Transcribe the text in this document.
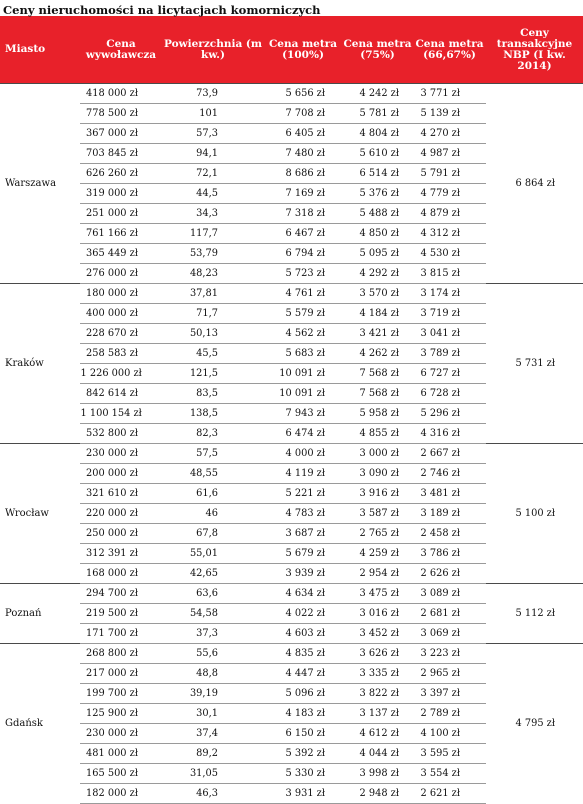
Ceny nieruchomości na licytacjach komorniczych
Miasto	Cena wywoławcza	Powierzchnia (m kw.)	Cena metra (100%)	Cena metra (75%)	Cena metra (66,67%)	Ceny transakcyjne NBP (I kw. 2014)
Warszawa	418 000 zł	73,9	5 656 zł	4 242 zł	3 771 zł	6 864 zł
	778 500 zł	101	7 708 zł	5 781 zł	5 139 zł	
	367 000 zł	57,3	6 405 zł	4 804 zł	4 270 zł	
	703 845 zł	94,1	7 480 zł	5 610 zł	4 987 zł	
	626 260 zł	72,1	8 686 zł	6 514 zł	5 791 zł	
	319 000 zł	44,5	7 169 zł	5 376 zł	4 779 zł	
	251 000 zł	34,3	7 318 zł	5 488 zł	4 879 zł	
	761 166 zł	117,7	6 467 zł	4 850 zł	4 312 zł	
	365 449 zł	53,79	6 794 zł	5 095 zł	4 530 zł	
	276 000 zł	48,23	5 723 zł	4 292 zł	3 815 zł	
Kraków	180 000 zł	37,81	4 761 zł	3 570 zł	3 174 zł	5 731 zł
	400 000 zł	71,7	5 579 zł	4 184 zł	3 719 zł	
	228 670 zł	50,13	4 562 zł	3 421 zł	3 041 zł	
	258 583 zł	45,5	5 683 zł	4 262 zł	3 789 zł	
	1 226 000 zł	121,5	10 091 zł	7 568 zł	6 727 zł	
	842 614 zł	83,5	10 091 zł	7 568 zł	6 728 zł	
	1 100 154 zł	138,5	7 943 zł	5 958 zł	5 296 zł	
	532 800 zł	82,3	6 474 zł	4 855 zł	4 316 zł	
Wrocław	230 000 zł	57,5	4 000 zł	3 000 zł	2 667 zł	5 100 zł
	200 000 zł	48,55	4 119 zł	3 090 zł	2 746 zł	
	321 610 zł	61,6	5 221 zł	3 916 zł	3 481 zł	
	220 000 zł	46	4 783 zł	3 587 zł	3 189 zł	
	250 000 zł	67,8	3 687 zł	2 765 zł	2 458 zł	
	312 391 zł	55,01	5 679 zł	4 259 zł	3 786 zł	
	168 000 zł	42,65	3 939 zł	2 954 zł	2 626 zł	
Poznań	294 700 zł	63,6	4 634 zł	3 475 zł	3 089 zł	5 112 zł
	219 500 zł	54,58	4 022 zł	3 016 zł	2 681 zł	
	171 700 zł	37,3	4 603 zł	3 452 zł	3 069 zł	
Gdańsk	268 800 zł	55,6	4 835 zł	3 626 zł	3 223 zł	4 795 zł
	217 000 zł	48,8	4 447 zł	3 335 zł	2 965 zł	
	199 700 zł	39,19	5 096 zł	3 822 zł	3 397 zł	
	125 900 zł	30,1	4 183 zł	3 137 zł	2 789 zł	
	230 000 zł	37,4	6 150 zł	4 612 zł	4 100 zł	
	481 000 zł	89,2	5 392 zł	4 044 zł	3 595 zł	
	165 500 zł	31,05	5 330 zł	3 998 zł	3 554 zł	
	182 000 zł	46,3	3 931 zł	2 948 zł	2 621 zł	
